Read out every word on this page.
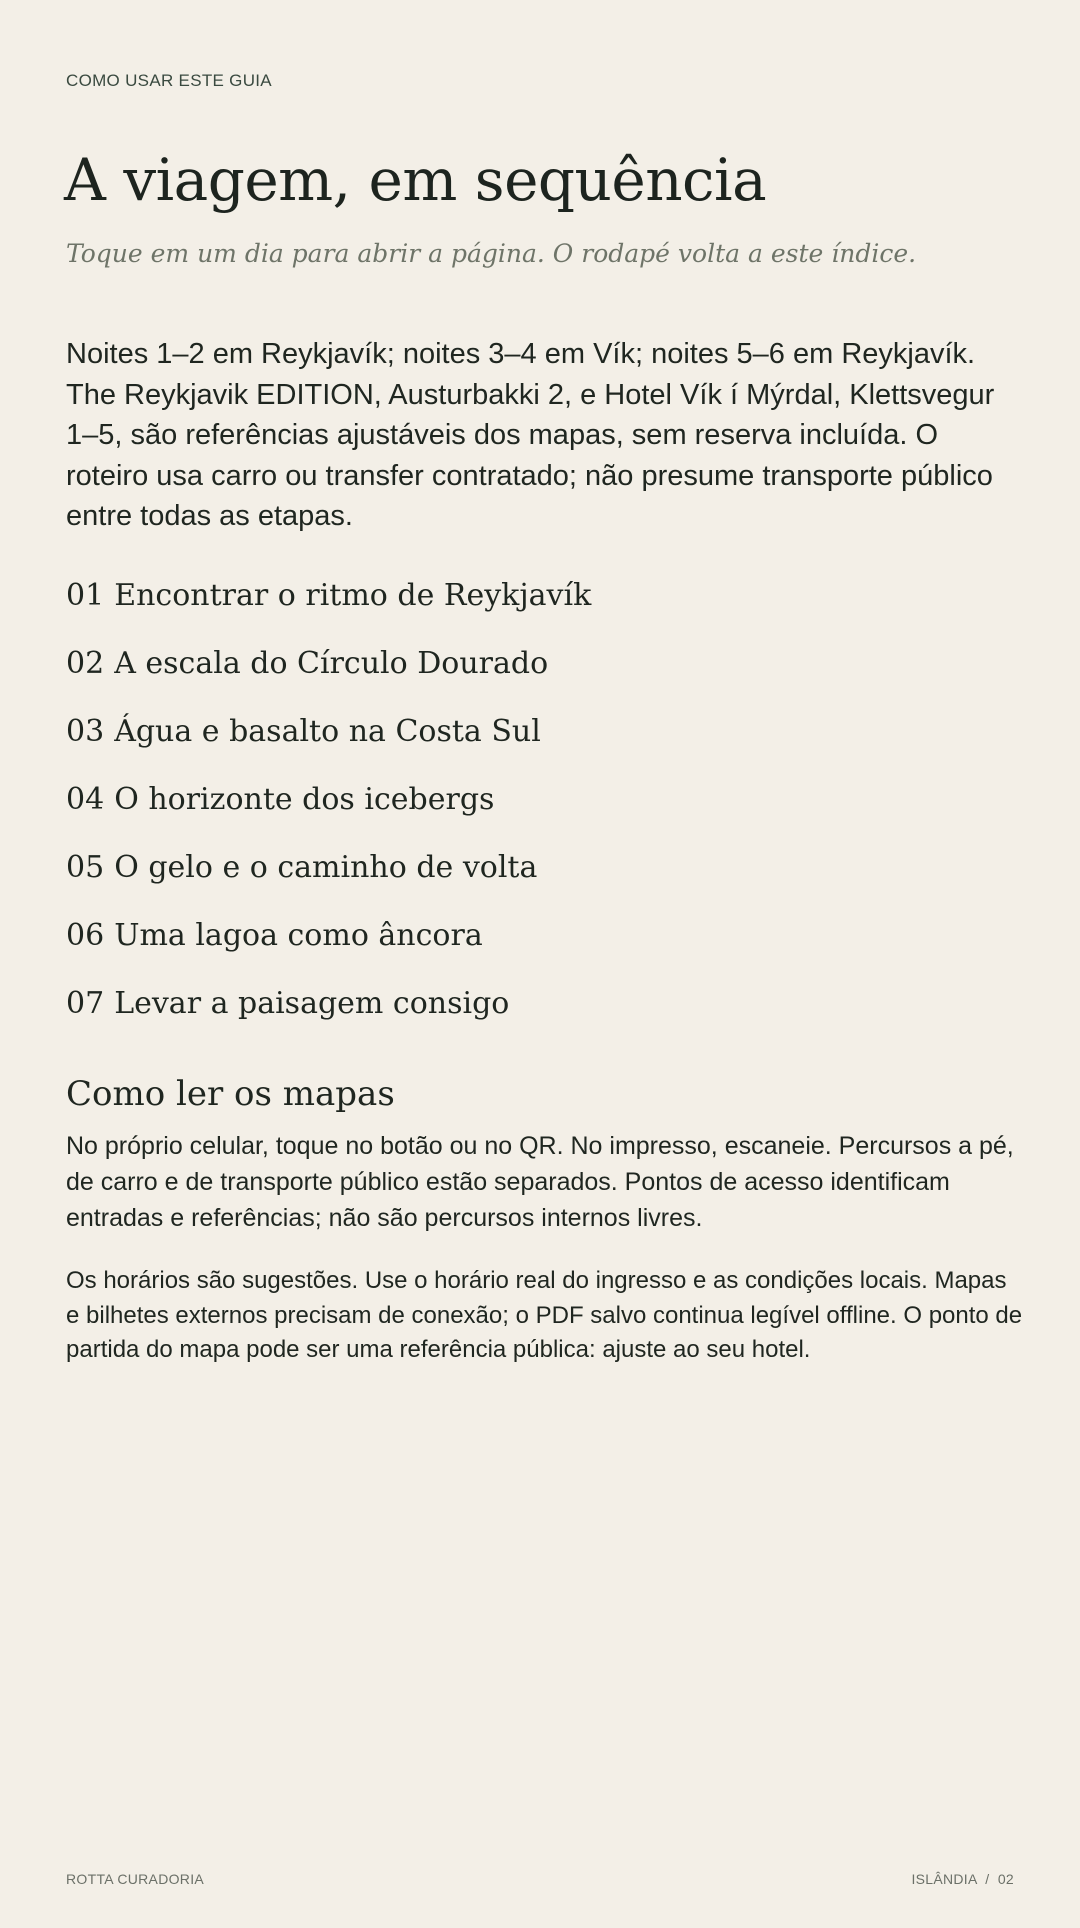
COMO USAR ESTE GUIA
A viagem, em sequência

Toque em um dia para abrir a página. O rodapé volta a este índice.

Noites 1–2 em Reykjavík; noites 3–4 em Vík; noites 5–6 em Reykjavík. The Reykjavik EDITION, Austurbakki 2, e Hotel Vík í Mýrdal, Klettsvegur 1–5, são referências ajustáveis dos mapas, sem reserva incluída. O roteiro usa carro ou transfer contratado; não presume transporte público entre todas as etapas.

01 Encontrar o ritmo de Reykjavík
02 A escala do Círculo Dourado
03 Água e basalto na Costa Sul
04 O horizonte dos icebergs
05 O gelo e o caminho de volta
06 Uma lagoa como âncora
07 Levar a paisagem consigo
Como ler os mapas

No próprio celular, toque no botão ou no QR. No impresso, escaneie. Percursos a pé, de carro e de transporte público estão separados. Pontos de acesso identificam entradas e referências; não são percursos internos livres.

Os horários são sugestões. Use o horário real do ingresso e as condições locais. Mapas e bilhetes externos precisam de conexão; o PDF salvo continua legível offline. O ponto de partida do mapa pode ser uma referência pública: ajuste ao seu hotel.

ROTTA CURADORIA	ISLÂNDIA  /  02
